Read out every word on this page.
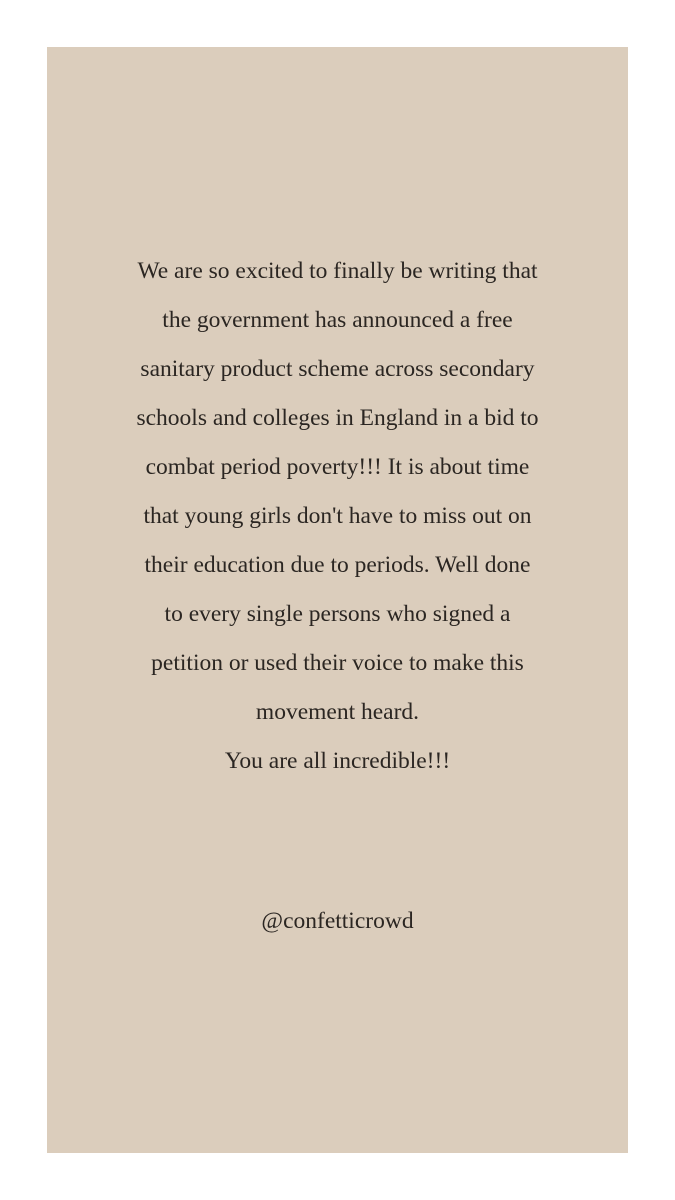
We are so excited to finally be writing that
the government has announced a free
sanitary product scheme across secondary
schools and colleges in England in a bid to
combat period poverty!!! It is about time
that young girls don't have to miss out on
their education due to periods. Well done
to every single persons who signed a
petition or used their voice to make this
movement heard.
You are all incredible!!!

@confetticrowd
